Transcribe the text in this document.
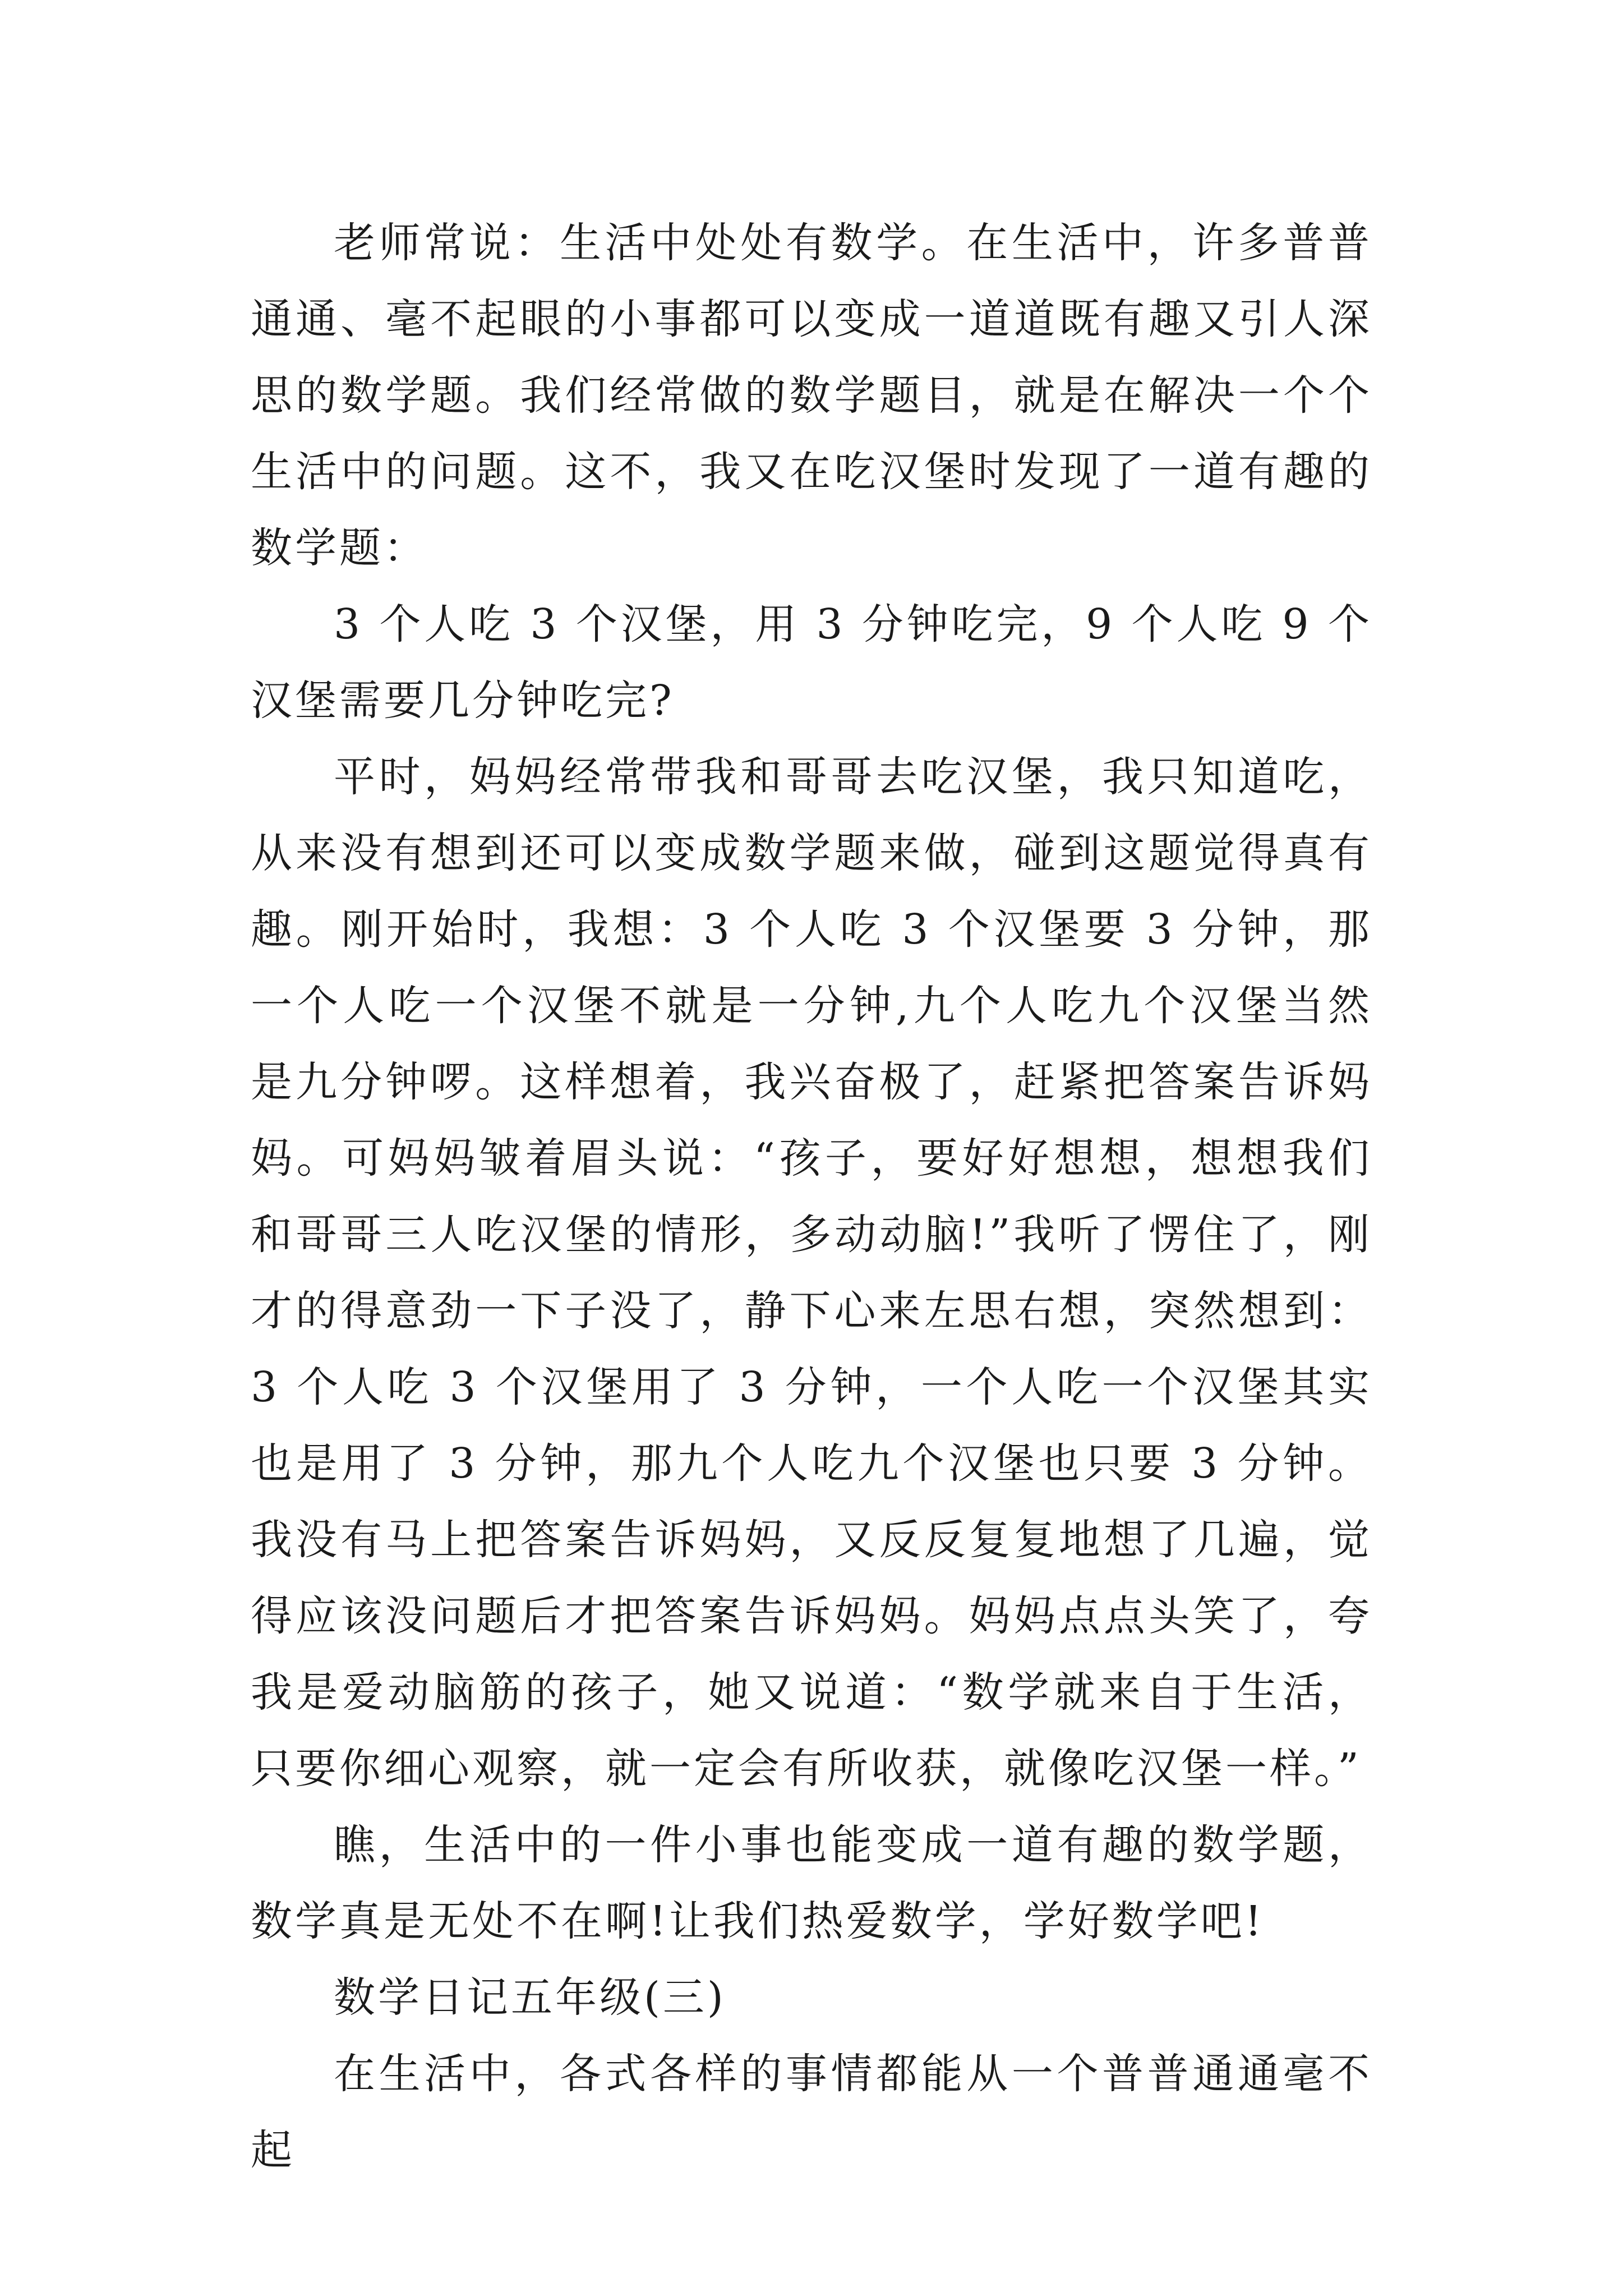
老师常说：生活中处处有数学。在生活中，许多普普通通、毫不起眼的小事都可以变成一道道既有趣又引人深思的数学题。我们经常做的数学题目，就是在解决一个个生活中的问题。这不，我又在吃汉堡时发现了一道有趣的数学题：

3 个人吃 3 个汉堡，用 3 分钟吃完，9 个人吃 9 个汉堡需要几分钟吃完?

平时，妈妈经常带我和哥哥去吃汉堡，我只知道吃，从来没有想到还可以变成数学题来做，碰到这题觉得真有趣。刚开始时，我想：3 个人吃 3 个汉堡要 3 分钟，那一个人吃一个汉堡不就是一分钟,九个人吃九个汉堡当然是九分钟啰。这样想着，我兴奋极了，赶紧把答案告诉妈妈。可妈妈皱着眉头说：“孩子，要好好想想，想想我们和哥哥三人吃汉堡的情形，多动动脑!”我听了愣住了，刚才的得意劲一下子没了，静下心来左思右想，突然想到：3 个人吃 3 个汉堡用了 3 分钟，一个人吃一个汉堡其实也是用了 3 分钟，那九个人吃九个汉堡也只要 3 分钟。我没有马上把答案告诉妈妈，又反反复复地想了几遍，觉得应该没问题后才把答案告诉妈妈。妈妈点点头笑了，夸我是爱动脑筋的孩子，她又说道：“数学就来自于生活，只要你细心观察，就一定会有所收获，就像吃汉堡一样。”

瞧，生活中的一件小事也能变成一道有趣的数学题，数学真是无处不在啊!让我们热爱数学，学好数学吧!

数学日记五年级(三)

在生活中，各式各样的事情都能从一个普普通通毫不起
